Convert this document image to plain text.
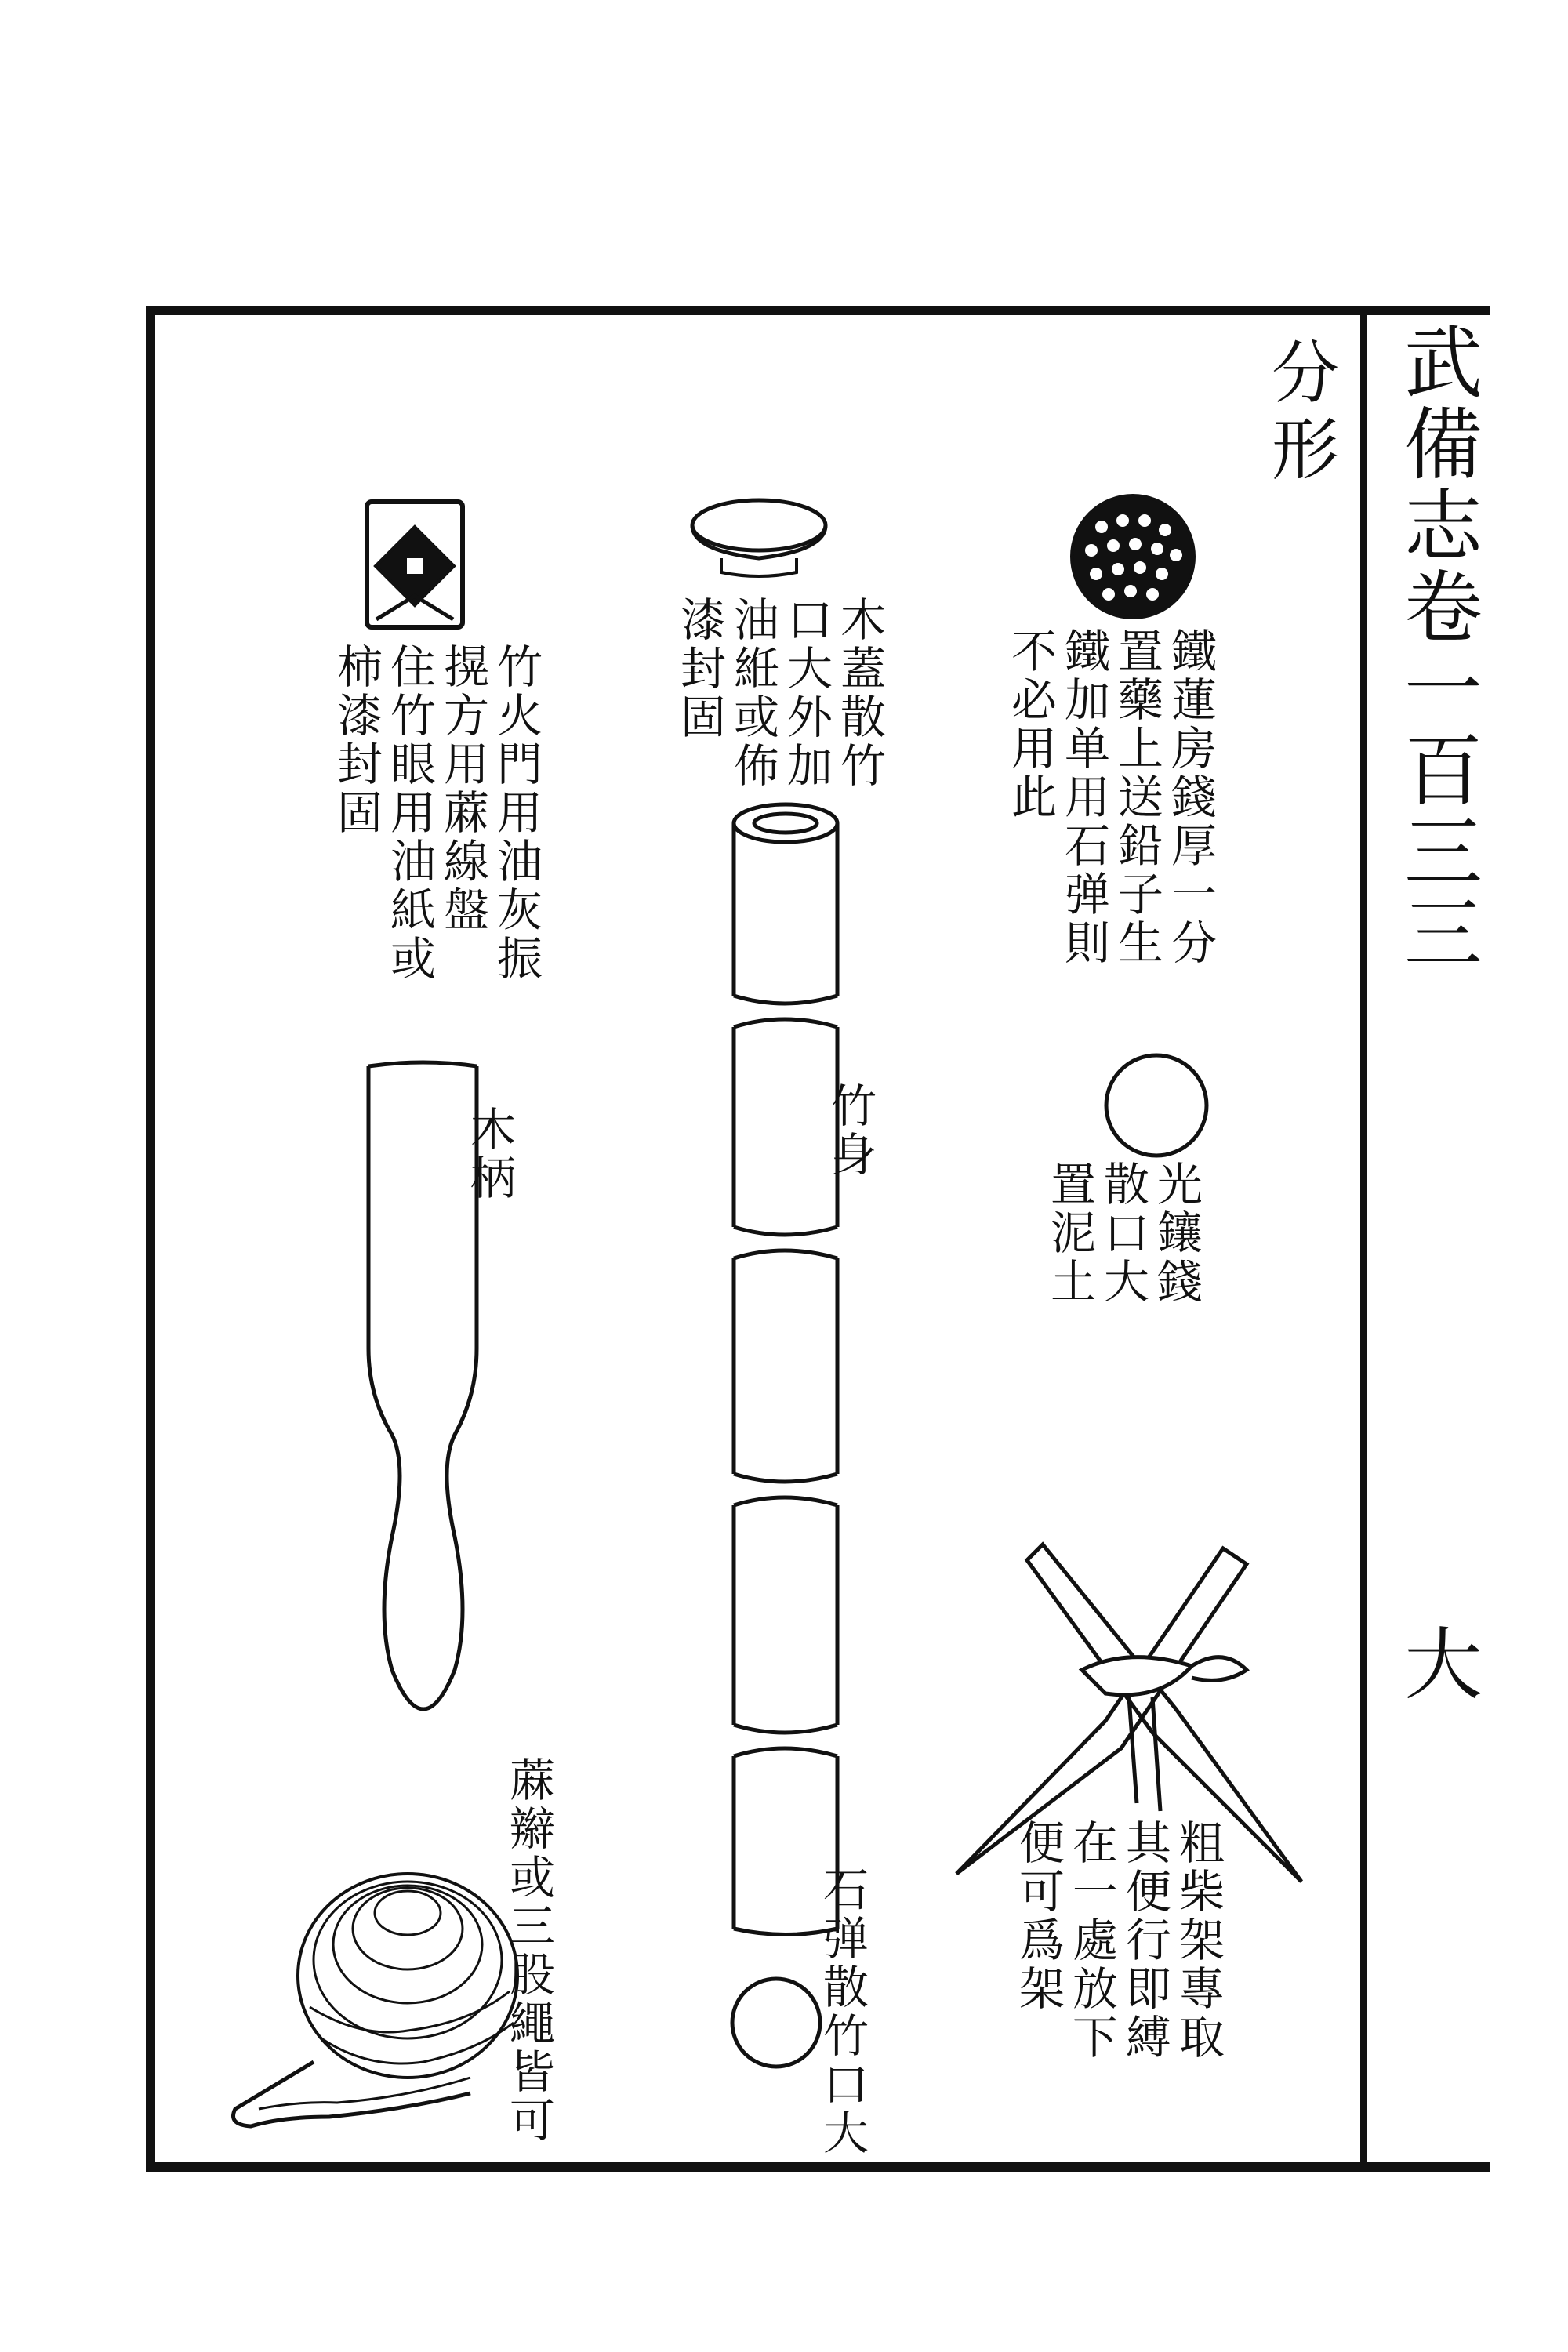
武備志卷一百三三
大
分形
鐵蓮房錢厚一分
置藥上送鉛子生
鐵加单用石弹則
不必用此
木蓋散竹
口大外加
油絍或佈
漆封固
竹火門用油灰振
㨪方用蔴線盤
住竹眼用油紙或
柿漆封固
木柄	竹身
光鑲錢
散口大
置泥土
石弹散竹口大
蔴辮或三股繩皆可	粗柴架專取
其便行即縛
在一處放下
便可爲架
